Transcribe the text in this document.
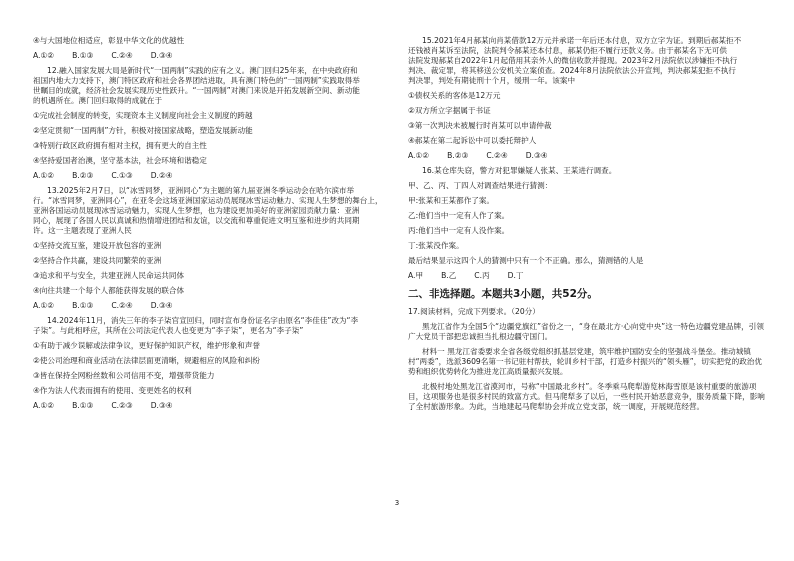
④与大国地位相适应，彰显中华文化的优越性

A.①② B.①③ C.②④ D.③④

12.融入国家发展大局是新时代“一国两制”实践的应有之义。澳门回归25年来，在中央政府和

祖国内地大力支持下，澳门特区政府和社会各界团结进取，具有澳门特色的“一国两制”实践取得举

世瞩目的成就，经济社会发展实现历史性跃升。“一国两制”对澳门来说是开拓发展新空间、新动能

的机遇所在。澳门回归取得的成就在于

①完成社会制度的转变，实现资本主义制度向社会主义制度的跨越

②坚定贯彻“一国两制”方针，积极对接国家战略，塑造发展新动能

③特别行政区政府拥有相对主权，拥有更大的自主性

④坚持爱国者治澳，坚守基本法，社会环境和谐稳定

A.①② B.②③ C.①③ D.②④

13.2025年2月7日，以“冰雪同梦，亚洲同心”为主题的第九届亚洲冬季运动会在哈尔滨市举

行。“冰雪同梦，亚洲同心”，在亚冬会这场亚洲国家运动员展现冰雪运动魅力、实现人生梦想的舞台上，

亚洲各国运动员展现冰雪运动魅力，实现人生梦想，也为建设更加美好的亚洲家园贡献力量：亚洲

同心，展现了各国人民以真诚和热情增进团结和友谊，以交流和尊重促进文明互鉴和进步的共同期

许。这一主题表现了亚洲人民

①坚持交流互鉴，建设开放包容的亚洲

②坚持合作共赢，建设共同繁荣的亚洲

③追求和平与安全，共建亚洲人民命运共同体

④向往共建一个每个人都能获得发展的联合体

A.①② B.①③ C.②④ D.③④

14.2024年11月，消失三年的李子柒官宣回归，同时宣布身份证名字由原名“李佳佳”改为“李

子柒”。与此相呼应，其所在公司法定代表人也变更为“李子柒”，更名为“李子柒”

①有助于减少误解或法律争议，更好保护知识产权，维护形象和声誉

②使公司治理和商业活动在法律层面更清晰，规避相应的风险和纠纷

③皆在保持全网粉丝数和公司信用不变，增强带货能力

④作为法人代表而拥有的使用、变更姓名的权利

A.①② B.①③ C.②③ D.③④

15.2021年4月郝某向肖某借款12万元并承诺一年后还本付息，双方立字为证。到期后郝某拒不

还钱被肖某诉至法院，法院判令郝某还本付息，郝某仍拒不履行还款义务。由于郝某名下无可供

法院发现郝某自2022年1月起借用其亲外人的微信收款并提现。2023年2月法院依以涉嫌拒不执行

判决、裁定罪，将其移送公安机关立案侦查。2024年8月法院依法公开宣判，判决郝某犯拒不执行

判决罪，判处有期徒刑十个月，缓刑一年。该案中

①债权关系的客体是12万元

②双方所立字据属于书证

③第一次判决未被履行时肖某可以申请仲裁

④郝某在第二起诉讼中可以委托辩护人

A.①② B.②③ C.②④ D.③④

16.某仓库失窃，警方对犯罪嫌疑人张某、王某进行调查。

甲、乙、丙、丁四人对调查结果进行猜测：

甲:张某和王某都作了案。

乙:他们当中一定有人作了案。

丙:他们当中一定有人没作案。

丁:张某没作案。

最后结果显示这四个人的猜测中只有一个不正确。那么，猜测错的人是

A.甲 B.乙 C.丙 D.丁

二、非选择题。本题共3小题，共52分。

17.阅读材料，完成下列要求。（20分）

黑龙江省作为全国5个“边疆党旗红”省份之一，“身在最北方·心向党中央”这一特色边疆党建品牌，引领广大党员干部把忠诚担当扎根边疆守国门。

材料一 黑龙江省委要求全省各级党组织抓基层党建，筑牢维护国防安全的坚强战斗堡垒。推动城镇村“两委”，选派3609名第一书记驻村帮扶，轮训乡村干部，打造乡村振兴的“领头雁”，切实把党的政治优势和组织优势转化为推进龙江高质量振兴发展。

北极村地处黑龙江省漠河市，号称“中国最北乡村”。冬季乘马爬犁游览林海雪原是该村重要的旅游项目，这项服务也是很多村民的致富方式。但马爬犁多了以后，一些村民开始恶意竞争，服务质量下降，影响了全村旅游形象。为此，当地建起马爬犁协会并成立党支部，统一调度，开展规范经营。

3
